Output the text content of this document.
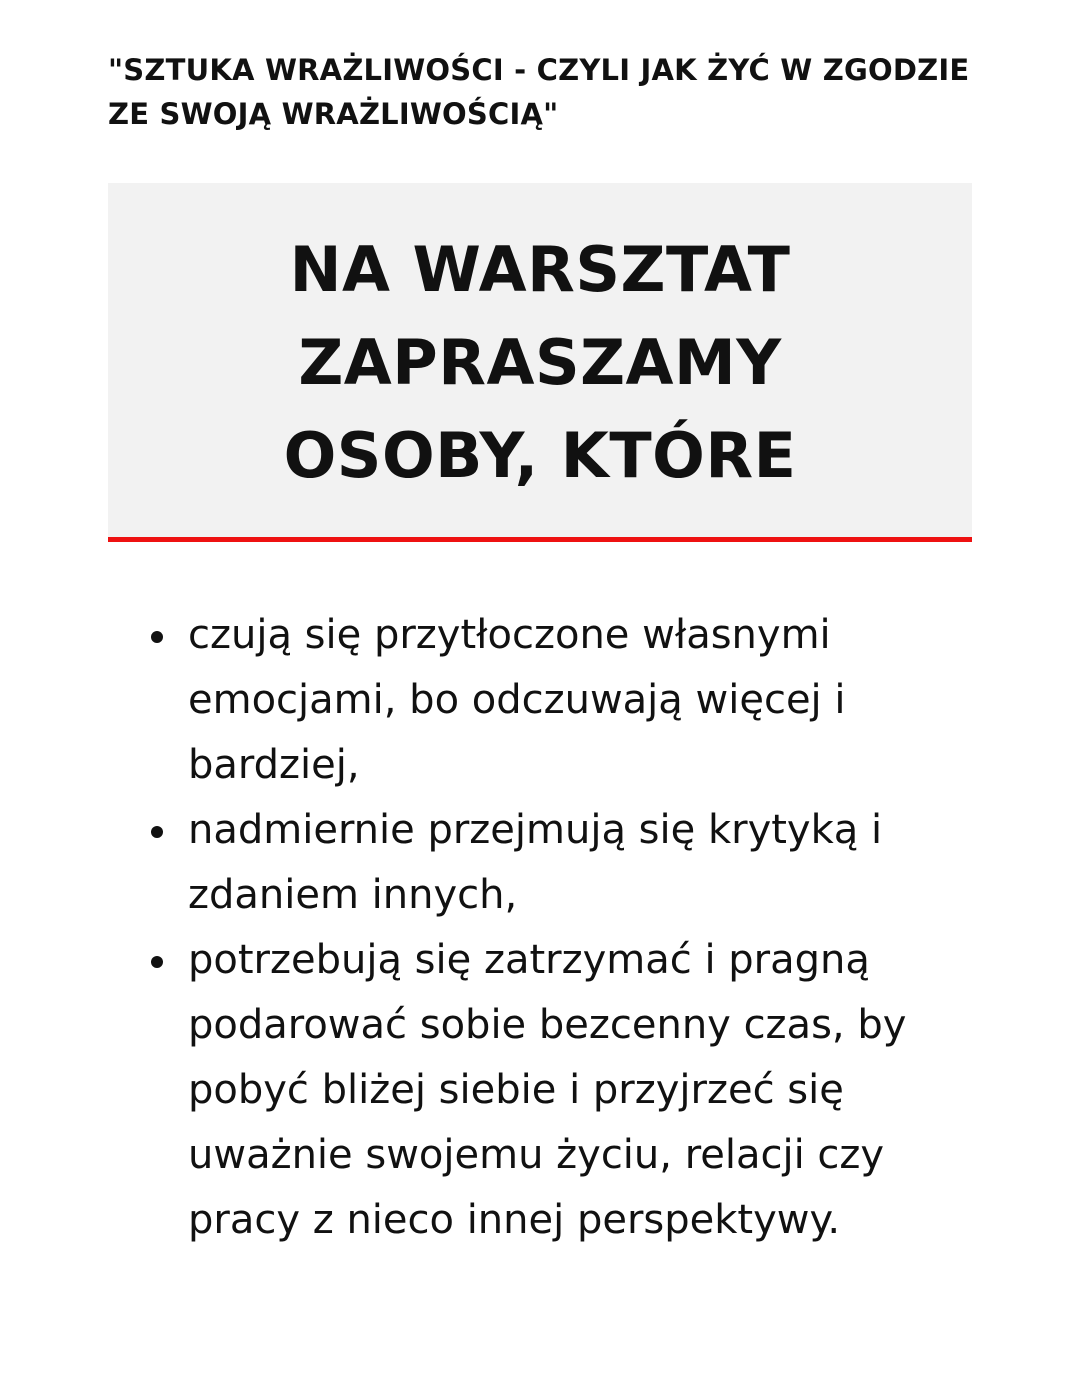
"SZTUKA WRAŻLIWOŚCI - CZYLI JAK ŻYĆ W ZGODZIE
ZE SWOJĄ WRAŻLIWOŚCIĄ"
NA WARSZTAT
ZAPRASZAMY
OSOBY, KTÓRE
czują się przytłoczone własnymi
emocjami, bo odczuwają więcej i
bardziej,
nadmiernie przejmują się krytyką i
zdaniem innych,
potrzebują się zatrzymać i pragną
podarować sobie bezcenny czas, by
pobyć bliżej siebie i przyjrzeć się
uważnie swojemu życiu, relacji czy
pracy z nieco innej perspektywy.
